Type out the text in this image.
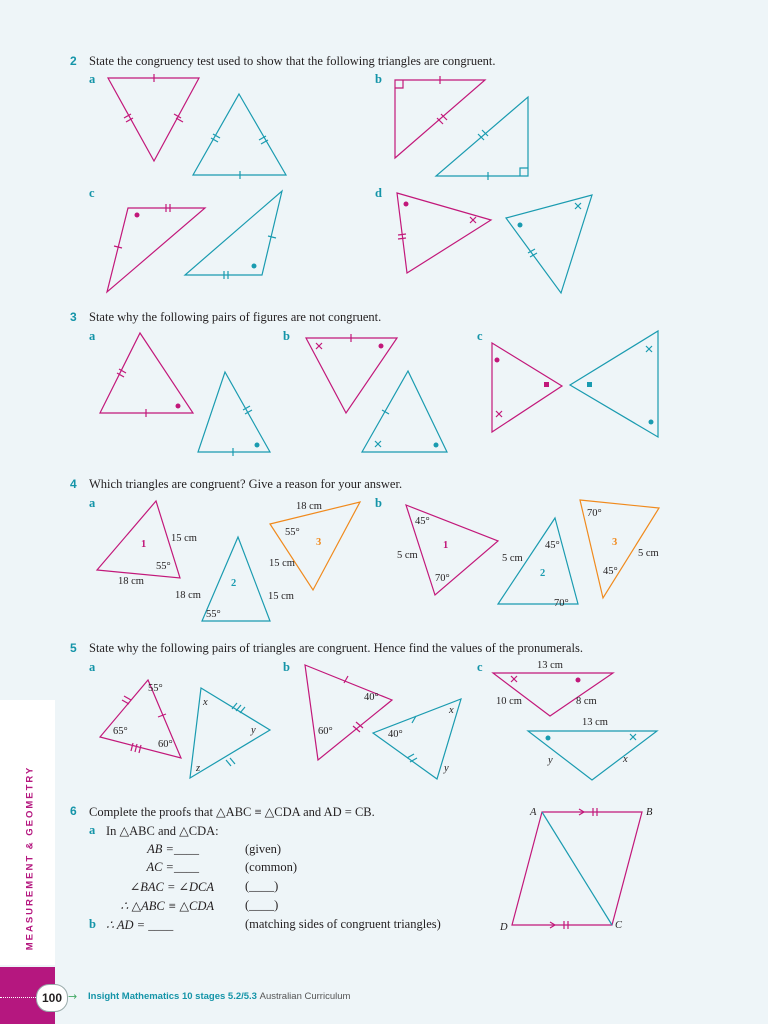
MEASUREMENT & GEOMETRY
100 → Insight Mathematics 10 stages 5.2/5.3 Australian Curriculum
2 State the congruency test used to show that the following triangles are congruent.
a	b
c	d
3 State why the following pairs of figures are not congruent.
a	b	c
4 Which triangles are congruent? Give a reason for your answer.
a	b
5 State why the following pairs of triangles are congruent. Hence find the values of the pronumerals.
a	b	c
6 Complete the proofs that △ABC ≡ △CDA and AD = CB.
a In △ABC and △CDA:
AB = ____	(given)
AC = ____	(common)
∠BAC = ∠DCA (____)
∴ △ABC ≡ △CDA (____)
b ∴ AD = ____	(matching sides of congruent triangles)
15 cm
18 cm
55°
1
18 cm	15 cm
55°
2
18 cm
55°
15 cm
3
45°
70°
5 cm
1	45°
70°
5 cm
2
70°
45°
5 cm
3
55°
65°
60°
x
y
z
40°
60°	40°
x
y
13 cm
10 cm	8 cm
13 cm
y	x
A	B
C
D
